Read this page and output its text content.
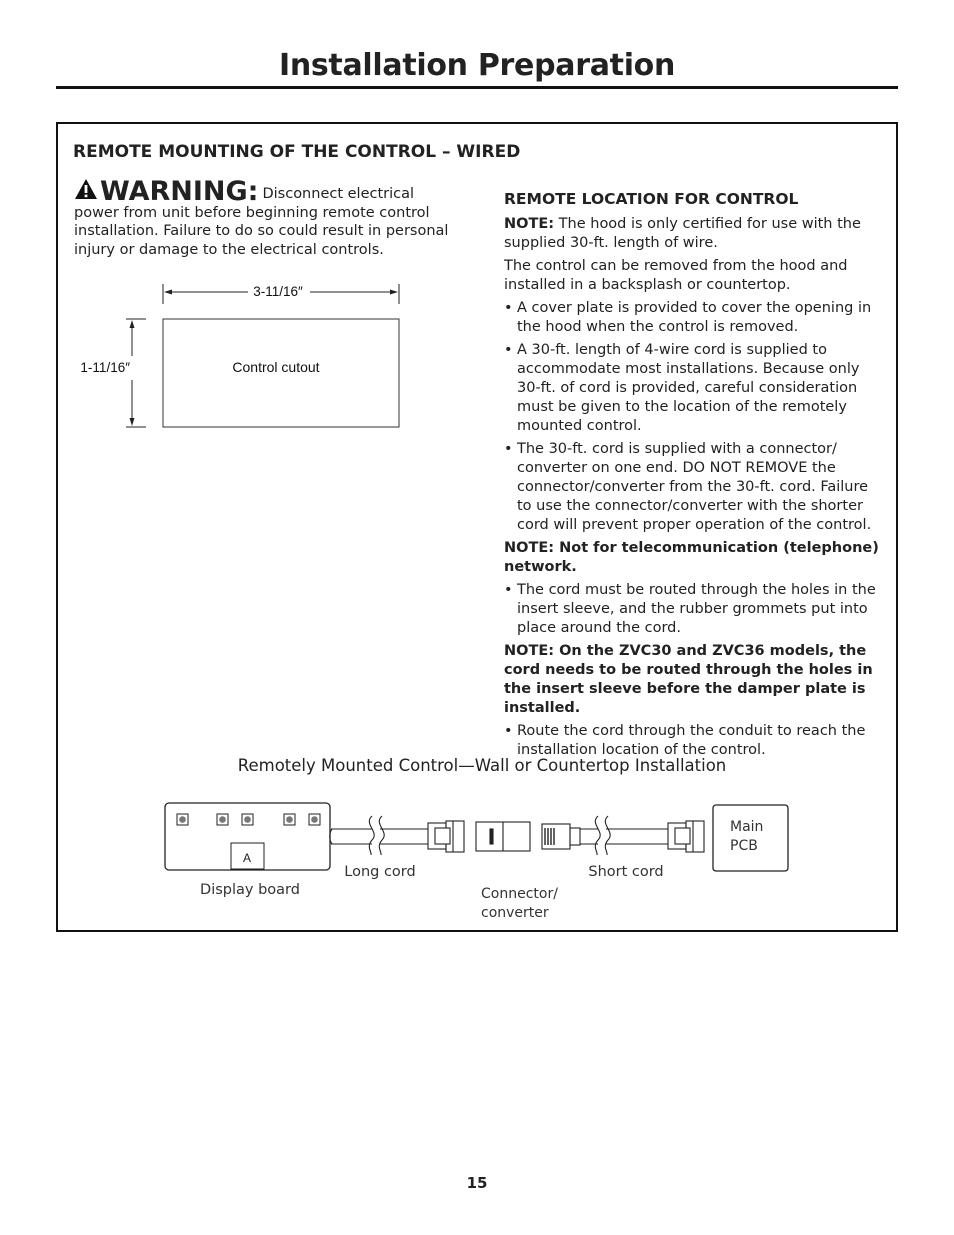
Installation Preparation
REMOTE MOUNTING OF THE CONTROL – WIRED
WARNING: Disconnect electrical power from unit before beginning remote control installation. Failure to do so could result in personal injury or damage to the electrical controls.
3-11/16″
1-11/16″	Control cutout
REMOTE LOCATION FOR CONTROL

NOTE: The hood is only certified for use with the supplied 30-ft. length of wire.

The control can be removed from the hood and installed in a backsplash or countertop.

• A cover plate is provided to cover the opening in the hood when the control is removed.
• A 30-ft. length of 4-wire cord is supplied to accommodate most installations. Because only 30-ft. of cord is provided, careful consideration must be given to the location of the remotely mounted control.
• The 30-ft. cord is supplied with a connector/ converter on one end. DO NOT REMOVE the connector/converter from the 30-ft. cord. Failure to use the connector/converter with the shorter cord will prevent proper operation of the control.

NOTE: Not for telecommunication (telephone) network.

• The cord must be routed through the holes in the insert sleeve, and the rubber grommets put into place around the cord.

NOTE: On the ZVC30 and ZVC36 models, the cord needs to be routed through the holes in the insert sleeve before the damper plate is installed.

• Route the cord through the conduit to reach the installation location of the control.
Remotely Mounted Control—Wall or Countertop Installation
A
Display board
Long cord
Connector/
converter
Short cord
Main
PCB
15
